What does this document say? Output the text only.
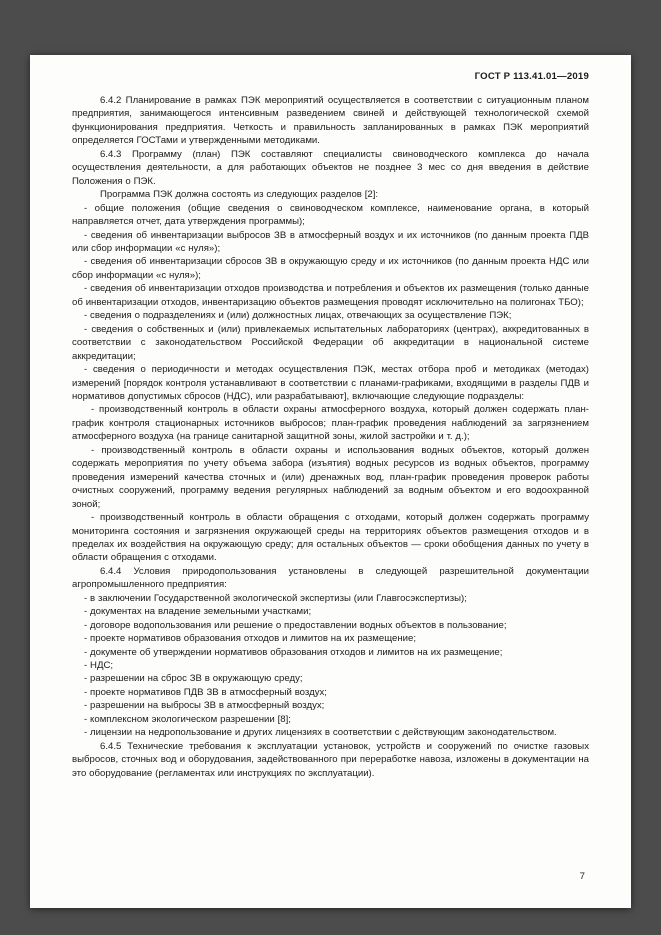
ГОСТ Р 113.41.01—2019

6.4.2 Планирование в рамках ПЭК мероприятий осуществляется в соответствии с ситуационным планом предприятия, занимающегося интенсивным разведением свиней и действующей технологической схемой функционирования предприятия. Четкость и правильность запланированных в рамках ПЭК мероприятий определяется ГОСТами и утвержденными методиками.

6.4.3 Программу (план) ПЭК составляют специалисты свиноводческого комплекса до начала осуществления деятельности, а для работающих объектов не позднее 3 мес со дня введения в действие Положения о ПЭК.

Программа ПЭК должна состоять из следующих разделов [2]:

- общие положения (общие сведения о свиноводческом комплексе, наименование органа, в который направляется отчет, дата утверждения программы);

- сведения об инвентаризации выбросов ЗВ в атмосферный воздух и их источников (по данным проекта ПДВ или сбор информации «с нуля»);

- сведения об инвентаризации сбросов ЗВ в окружающую среду и их источников (по данным проекта НДС или сбор информации «с нуля»);

- сведения об инвентаризации отходов производства и потребления и объектов их размещения (только данные об инвентаризации отходов, инвентаризацию объектов размещения проводят исключительно на полигонах ТБО);

- сведения о подразделениях и (или) должностных лицах, отвечающих за осуществление ПЭК;

- сведения о собственных и (или) привлекаемых испытательных лабораториях (центрах), аккредитованных в соответствии с законодательством Российской Федерации об аккредитации в национальной системе аккредитации;

- сведения о периодичности и методах осуществления ПЭК, местах отбора проб и методиках (методах) измерений [порядок контроля устанавливают в соответствии с планами-графиками, входящими в разделы ПДВ и нормативов допустимых сбросов (НДС), или разрабатывают], включающие следующие подразделы:

- производственный контроль в области охраны атмосферного воздуха, который должен содержать план-график контроля стационарных источников выбросов; план-график проведения наблюдений за загрязнением атмосферного воздуха (на границе санитарной защитной зоны, жилой застройки и т. д.);

- производственный контроль в области охраны и использования водных объектов, который должен содержать мероприятия по учету объема забора (изъятия) водных ресурсов из водных объектов, программу проведения измерений качества сточных и (или) дренажных вод, план-график проведения проверок работы очистных сооружений, программу ведения регулярных наблюдений за водным объектом и его водоохранной зоной;

- производственный контроль в области обращения с отходами, который должен содержать программу мониторинга состояния и загрязнения окружающей среды на территориях объектов размещения отходов и в пределах их воздействия на окружающую среду; для остальных объектов — сроки обобщения данных по учету в области обращения с отходами.

6.4.4 Условия природопользования установлены в следующей разрешительной документации агропромышленного предприятия:

- в заключении Государственной экологической экспертизы (или Главгосэкспертизы);

- документах на владение земельными участками;

- договоре водопользования или решение о предоставлении водных объектов в пользование;

- проекте нормативов образования отходов и лимитов на их размещение;

- документе об утверждении нормативов образования отходов и лимитов на их размещение;

- НДС;

- разрешении на сброс ЗВ в окружающую среду;

- проекте нормативов ПДВ ЗВ в атмосферный воздух;

- разрешении на выбросы ЗВ в атмосферный воздух;

- комплексном экологическом разрешении [8];

- лицензии на недропользование и других лицензиях в соответствии с действующим законодательством.

6.4.5 Технические требования к эксплуатации установок, устройств и сооружений по очистке газовых выбросов, сточных вод и оборудования, задействованного при переработке навоза, изложены в документации на это оборудование (регламентах или инструкциях по эксплуатации).

7
